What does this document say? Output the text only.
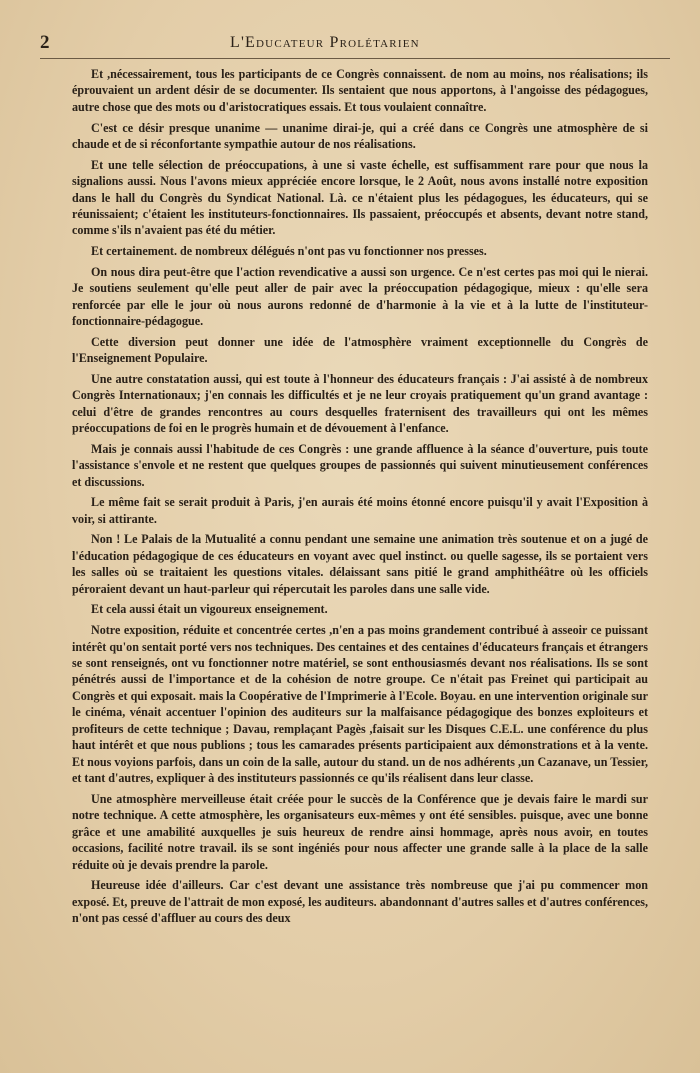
2	L'Educateur Prolétarien

Et ,nécessairement, tous les participants de ce Congrès connaissent. de nom au moins, nos réalisations; ils éprouvaient un ardent désir de se documenter. Ils sentaient que nous apportons, à l'angoisse des pédagogues, autre chose que des mots ou d'aristocratiques essais. Et tous voulaient connaître.

C'est ce désir presque unanime — unanime dirai-je, qui a créé dans ce Congrès une atmosphère de si chaude et de si réconfortante sympathie autour de nos réalisations.

Et une telle sélection de préoccupations, à une si vaste échelle, est suffisamment rare pour que nous la signalions aussi. Nous l'avons mieux appréciée encore lorsque, le 2 Août, nous avons installé notre exposition dans le hall du Congrès du Syndicat National. Là. ce n'étaient plus les pédagogues, les éducateurs, qui se réunissaient; c'étaient les instituteurs-fonctionnaires. Ils passaient, préoccupés et absents, devant notre stand, comme s'ils n'avaient pas été du métier.

Et certainement. de nombreux délégués n'ont pas vu fonctionner nos presses.

On nous dira peut-être que l'action revendicative a aussi son urgence. Ce n'est certes pas moi qui le nierai. Je soutiens seulement qu'elle peut aller de pair avec la préoccupation pédagogique, mieux : qu'elle sera renforcée par elle le jour où nous aurons redonné de d'harmonie à la vie et à la lutte de l'instituteur-fonctionnaire-pédagogue.

Cette diversion peut donner une idée de l'atmosphère vraiment exceptionnelle du Congrès de l'Enseignement Populaire.

Une autre constatation aussi, qui est toute à l'honneur des éducateurs français : J'ai assisté à de nombreux Congrès Internationaux; j'en connais les difficultés et je ne leur croyais pratiquement qu'un grand avantage : celui d'être de grandes rencontres au cours desquelles fraternisent des travailleurs qui ont les mêmes préoccupations de foi en le progrès humain et de dévouement à l'enfance.

Mais je connais aussi l'habitude de ces Congrès : une grande affluence à la séance d'ouverture, puis toute l'assistance s'envole et ne restent que quelques groupes de passionnés qui suivent minutieusement conférences et discussions.

Le même fait se serait produit à Paris, j'en aurais été moins étonné encore puisqu'il y avait l'Exposition à voir, si attirante.

Non ! Le Palais de la Mutualité a connu pendant une semaine une animation très soutenue et on a jugé de l'éducation pédagogique de ces éducateurs en voyant avec quel instinct. ou quelle sagesse, ils se portaient vers les salles où se traitaient les questions vitales. délaissant sans pitié le grand amphithéâtre où les officiels péroraient devant un haut-parleur qui répercutait les paroles dans une salle vide.

Et cela aussi était un vigoureux enseignement.

Notre exposition, réduite et concentrée certes ,n'en a pas moins grandement contribué à asseoir ce puissant intérêt qu'on sentait porté vers nos techniques. Des centaines et des centaines d'éducateurs français et étrangers se sont renseignés, ont vu fonctionner notre matériel, se sont enthousiasmés devant nos réalisations. Ils se sont pénétrés aussi de l'importance et de la cohésion de notre groupe. Ce n'était pas Freinet qui participait au Congrès et qui exposait. mais la Coopérative de l'Imprimerie à l'Ecole. Boyau. en une intervention originale sur le cinéma, vénait accentuer l'opinion des auditeurs sur la malfaisance pédagogique des bonzes exploiteurs et profiteurs de cette technique ; Davau, remplaçant Pagès ,faisait sur les Disques C.E.L. une conférence du plus haut intérêt et que nous publions ; tous les camarades présents participaient aux démonstrations et à la vente. Et nous voyions parfois, dans un coin de la salle, autour du stand. un de nos adhérents ,un Cazanave, un Tessier, et tant d'autres, expliquer à des instituteurs passionnés ce qu'ils réalisent dans leur classe.

Une atmosphère merveilleuse était créée pour le succès de la Conférence que je devais faire le mardi sur notre technique. A cette atmosphère, les organisateurs eux-mêmes y ont été sensibles. puisque, avec une bonne grâce et une amabilité auxquelles je suis heureux de rendre ainsi hommage, après nous avoir, en toutes occasions, facilité notre travail. ils se sont ingéniés pour nous affecter une grande salle à la place de la salle réduite où je devais prendre la parole.

Heureuse idée d'ailleurs. Car c'est devant une assistance très nombreuse que j'ai pu commencer mon exposé. Et, preuve de l'attrait de mon exposé, les auditeurs. abandonnant d'autres salles et d'autres conférences, n'ont pas cessé d'affluer au cours des deux
